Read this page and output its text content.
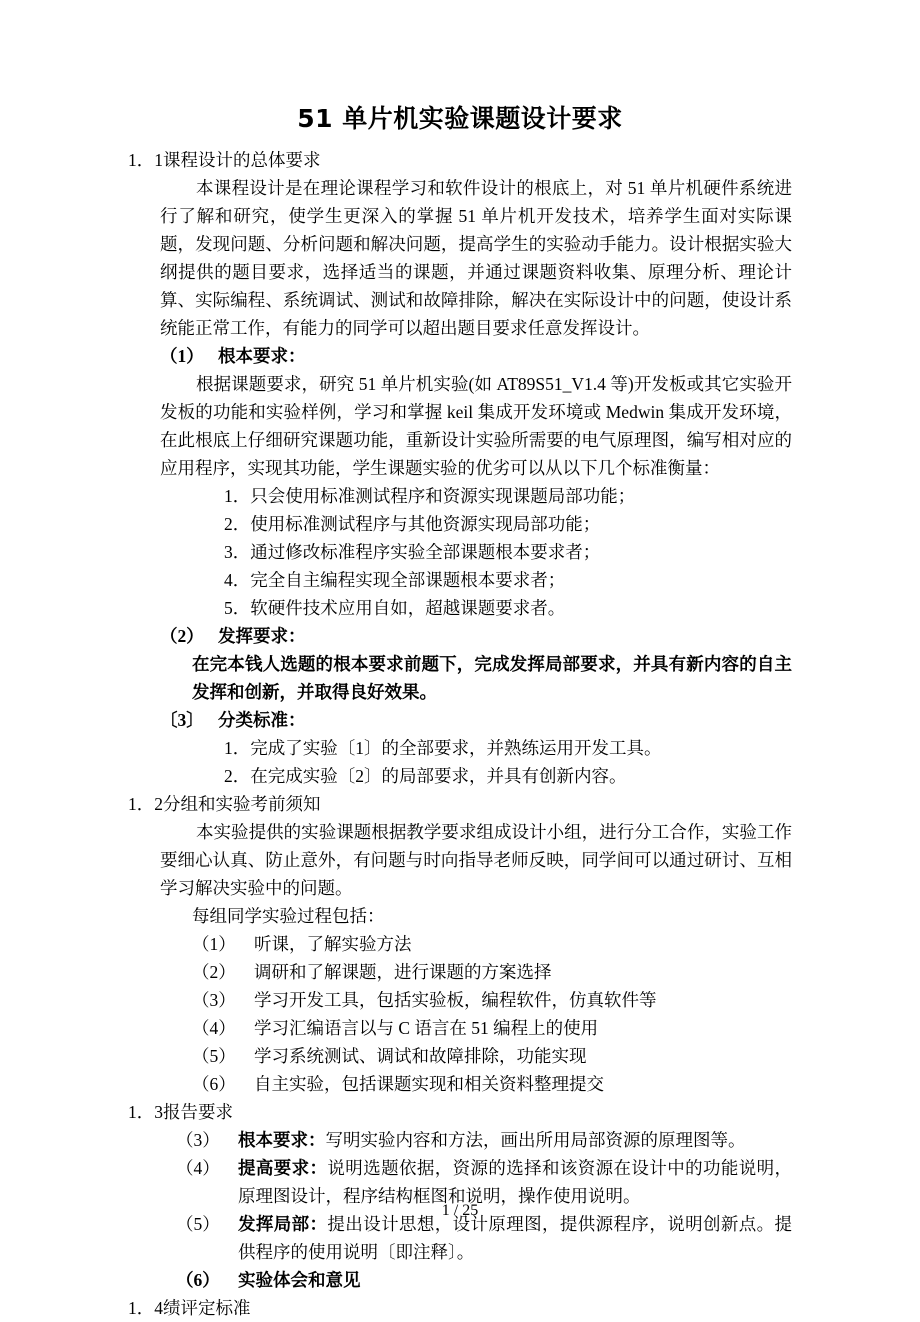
51 单片机实验课题设计要求

1．1课程设计的总体要求

本课程设计是在理论课程学习和软件设计的根底上，对 51 单片机硬件系统进行了解和研究，使学生更深入的掌握 51 单片机开发技术，培养学生面对实际课题，发现问题、分析问题和解决问题，提高学生的实验动手能力。设计根据实验大纲提供的题目要求，选择适当的课题，并通过课题资料收集、原理分析、理论计算、实际编程、系统调试、测试和故障排除，解决在实际设计中的问题，使设计系统能正常工作，有能力的同学可以超出题目要求任意发挥设计。

（1） 根本要求：

根据课题要求，研究 51 单片机实验(如 AT89S51_V1.4 等)开发板或其它实验开发板的功能和实验样例，学习和掌握 keil 集成开发环境或 Medwin 集成开发环境，在此根底上仔细研究课题功能，重新设计实验所需要的电气原理图，编写相对应的应用程序，实现其功能，学生课题实验的优劣可以从以下几个标准衡量：

1．只会使用标准测试程序和资源实现课题局部功能；

2．使用标准测试程序与其他资源实现局部功能；

3．通过修改标准程序实验全部课题根本要求者；

4．完全自主编程实现全部课题根本要求者；

5．软硬件技术应用自如，超越课题要求者。

（2） 发挥要求：

在完本钱人选题的根本要求前题下，完成发挥局部要求，并具有新内容的自主发挥和创新，并取得良好效果。

〔3〕 分类标准：

1．完成了实验〔1〕的全部要求，并熟练运用开发工具。

2．在完成实验〔2〕的局部要求，并具有创新内容。

1．2分组和实验考前须知

本实验提供的实验课题根据教学要求组成设计小组，进行分工合作，实验工作要细心认真、防止意外，有问题与时向指导老师反映，同学间可以通过研讨、互相学习解决实验中的问题。

每组同学实验过程包括：

（1）	听课，了解实验方法
（2）	调研和了解课题，进行课题的方案选择
（3）	学习开发工具，包括实验板，编程软件，仿真软件等
（4）	学习汇编语言以与 C 语言在 51 编程上的使用
（5）	学习系统测试、调试和故障排除，功能实现
（6）	自主实验，包括课题实现和相关资料整理提交

1．3报告要求

（3）	根本要求：写明实验内容和方法，画出所用局部资源的原理图等。
（4）	提高要求：说明选题依据，资源的选择和该资源在设计中的功能说明，原理图设计，程序结构框图和说明，操作使用说明。
（5）	发挥局部：提出设计思想，设计原理图，提供源程序，说明创新点。提供程序的使用说明〔即注释〕。
（6）	实验体会和意见

1．4绩评定标准

1 / 25
